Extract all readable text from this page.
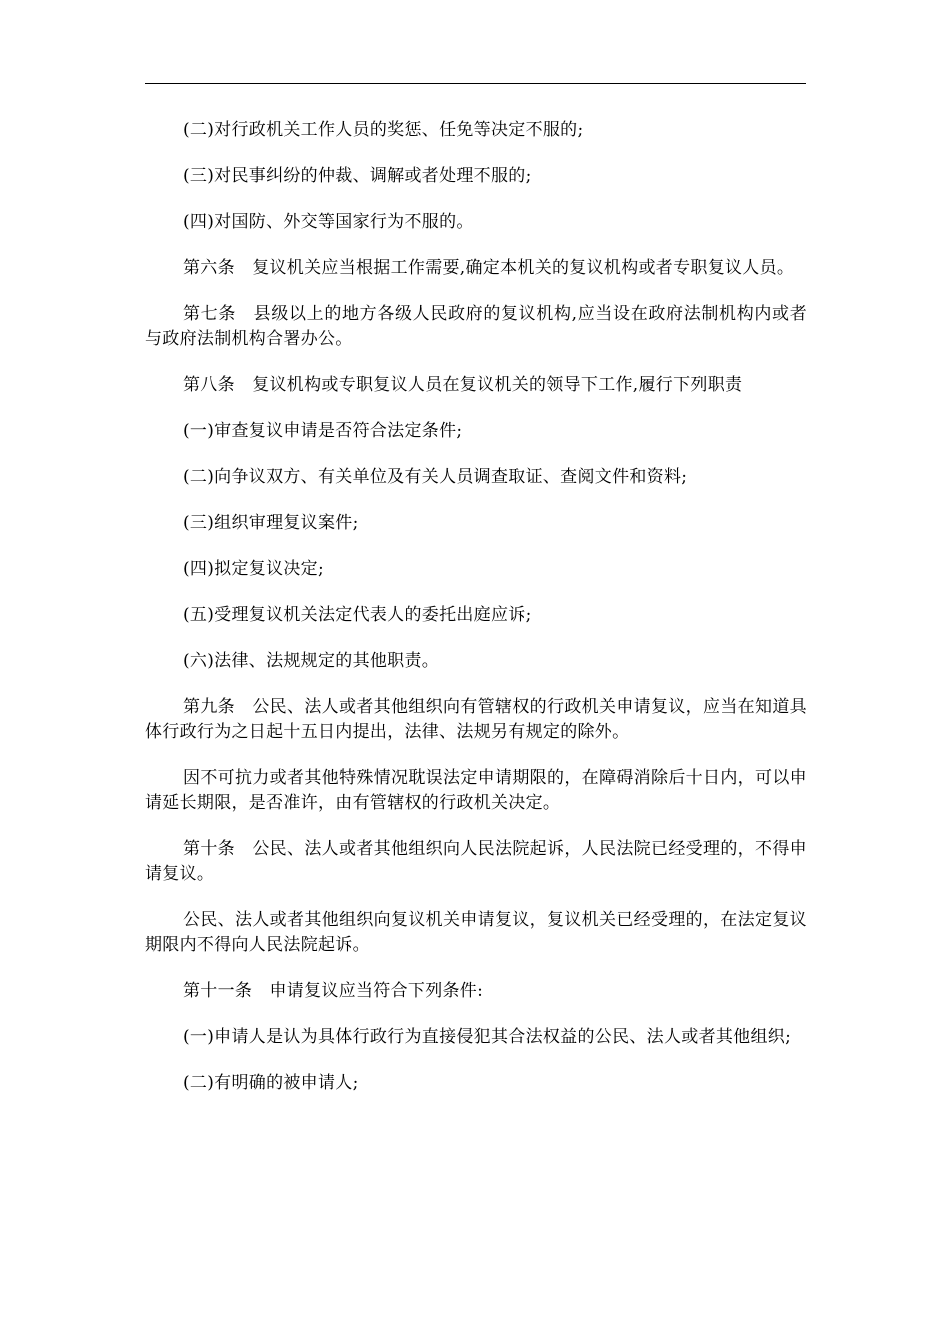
(二)对行政机关工作人员的奖惩、任免等决定不服的;

(三)对民事纠纷的仲裁、调解或者处理不服的;

(四)对国防、外交等国家行为不服的。

第六条　复议机关应当根据工作需要,确定本机关的复议机构或者专职复议人员。

第七条　县级以上的地方各级人民政府的复议机构,应当设在政府法制机构内或者与政府法制机构合署办公。

第八条　复议机构或专职复议人员在复议机关的领导下工作,履行下列职责

(一)审查复议申请是否符合法定条件;

(二)向争议双方、有关单位及有关人员调查取证、查阅文件和资料;

(三)组织审理复议案件;

(四)拟定复议决定;

(五)受理复议机关法定代表人的委托出庭应诉;

(六)法律、法规规定的其他职责。

第九条　公民、法人或者其他组织向有管辖权的行政机关申请复议，应当在知道具体行政行为之日起十五日内提出，法律、法规另有规定的除外。

因不可抗力或者其他特殊情况耽误法定申请期限的，在障碍消除后十日内，可以申请延长期限，是否准许，由有管辖权的行政机关决定。

第十条　公民、法人或者其他组织向人民法院起诉，人民法院已经受理的，不得申请复议。

公民、法人或者其他组织向复议机关申请复议，复议机关已经受理的，在法定复议期限内不得向人民法院起诉。

第十一条　申请复议应当符合下列条件:

(一)申请人是认为具体行政行为直接侵犯其合法权益的公民、法人或者其他组织;

(二)有明确的被申请人;
